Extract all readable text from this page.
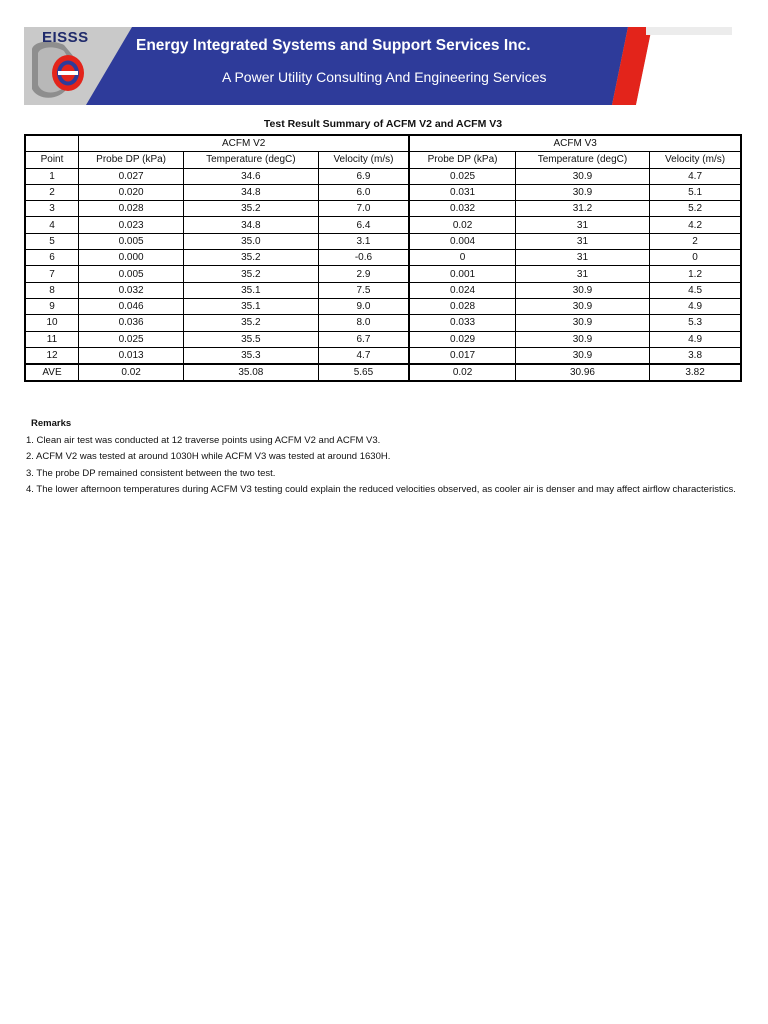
EISSS	Energy Integrated Systems and Support Services Inc.
A Power Utility Consulting And Engineering Services
Test Result Summary of ACFM V2 and ACFM V3
	ACFM V2			ACFM V3		
Point	Probe DP (kPa)	Temperature (degC)	Velocity (m/s)	Probe DP (kPa)	Temperature (degC)	Velocity (m/s)
1	0.027	34.6	6.9	0.025	30.9	4.7
2	0.020	34.8	6.0	0.031	30.9	5.1
3	0.028	35.2	7.0	0.032	31.2	5.2
4	0.023	34.8	6.4	0.02	31	4.2
5	0.005	35.0	3.1	0.004	31	2
6	0.000	35.2	-0.6	0	31	0
7	0.005	35.2	2.9	0.001	31	1.2
8	0.032	35.1	7.5	0.024	30.9	4.5
9	0.046	35.1	9.0	0.028	30.9	4.9
10	0.036	35.2	8.0	0.033	30.9	5.3
11	0.025	35.5	6.7	0.029	30.9	4.9
12	0.013	35.3	4.7	0.017	30.9	3.8
AVE	0.02	35.08	5.65	0.02	30.96	3.82
Remarks

1. Clean air test was conducted at 12 traverse points using ACFM V2 and ACFM V3.

2. ACFM V2 was tested at around 1030H while ACFM V3 was tested at around 1630H.

3. The probe DP remained consistent between the two test.

4. The lower afternoon temperatures during ACFM V3 testing could explain the reduced velocities observed, as cooler air is denser and may affect airflow characteristics.
